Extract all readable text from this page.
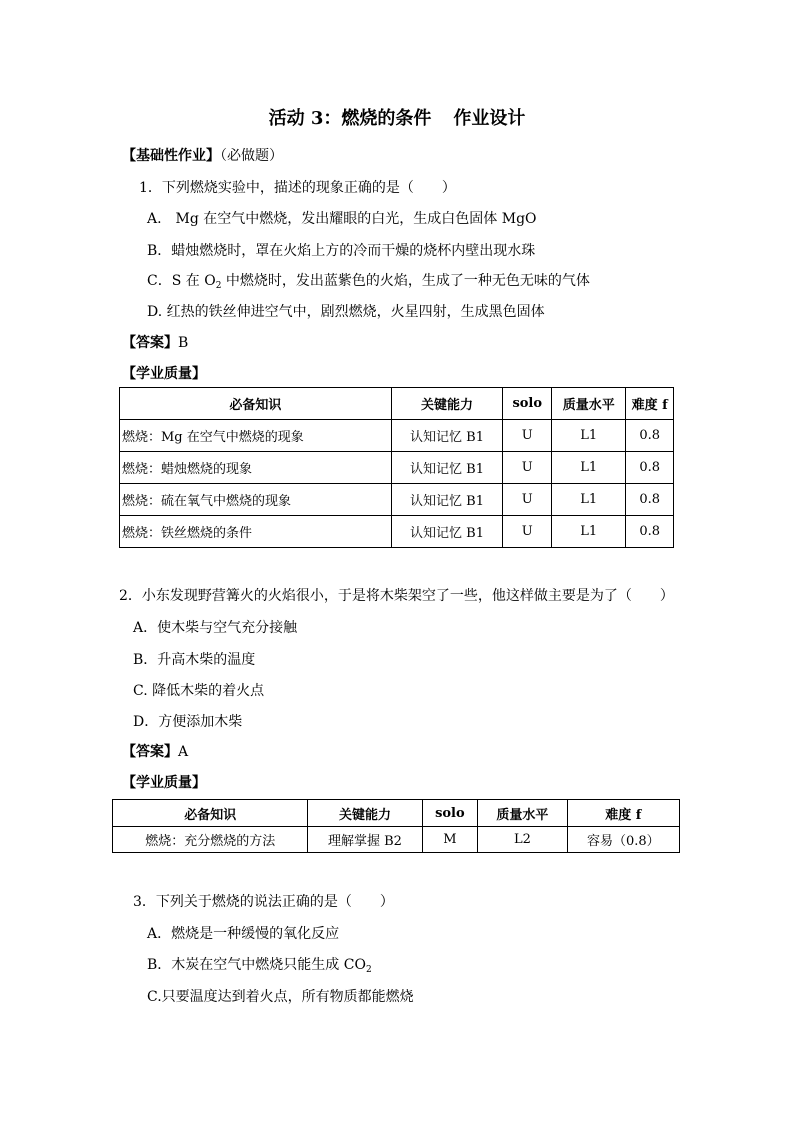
活动 3：燃烧的条件 作业设计
【基础性作业】（必做题）
1．下列燃烧实验中，描述的现象正确的是（　　）
A.　Mg 在空气中燃烧，发出耀眼的白光，生成白色固体 MgO
B．蜡烛燃烧时，罩在火焰上方的冷而干燥的烧杯内壁出现水珠
C．S 在 $O_2$ 中燃烧时，发出蓝紫色的火焰，生成了一种无色无味的气体
D. 红热的铁丝伸进空气中，剧烈燃烧，火星四射，生成黑色固体
【答案】B
【学业质量】
必备知识	关键能力	solo	质量水平	难度 f
燃烧：Mg 在空气中燃烧的现象	认知记忆 B1	U	L1	0.8
燃烧：蜡烛燃烧的现象	认知记忆 B1	U	L1	0.8
燃烧：硫在氧气中燃烧的现象	认知记忆 B1	U	L1	0.8
燃烧：铁丝燃烧的条件	认知记忆 B1	U	L1	0.8
2．小东发现野营篝火的火焰很小，于是将木柴架空了一些，他这样做主要是为了（　　）
A．使木柴与空气充分接触
B．升高木柴的温度
C. 降低木柴的着火点
D．方便添加木柴
【答案】A
【学业质量】
必备知识	关键能力	solo	质量水平	难度 f
燃烧：充分燃烧的方法	理解掌握 B2	M	L2	容易（0.8）
3．下列关于燃烧的说法正确的是（　　）
A．燃烧是一种缓慢的氧化反应
B．木炭在空气中燃烧只能生成 $CO_2$
C.只要温度达到着火点，所有物质都能燃烧
